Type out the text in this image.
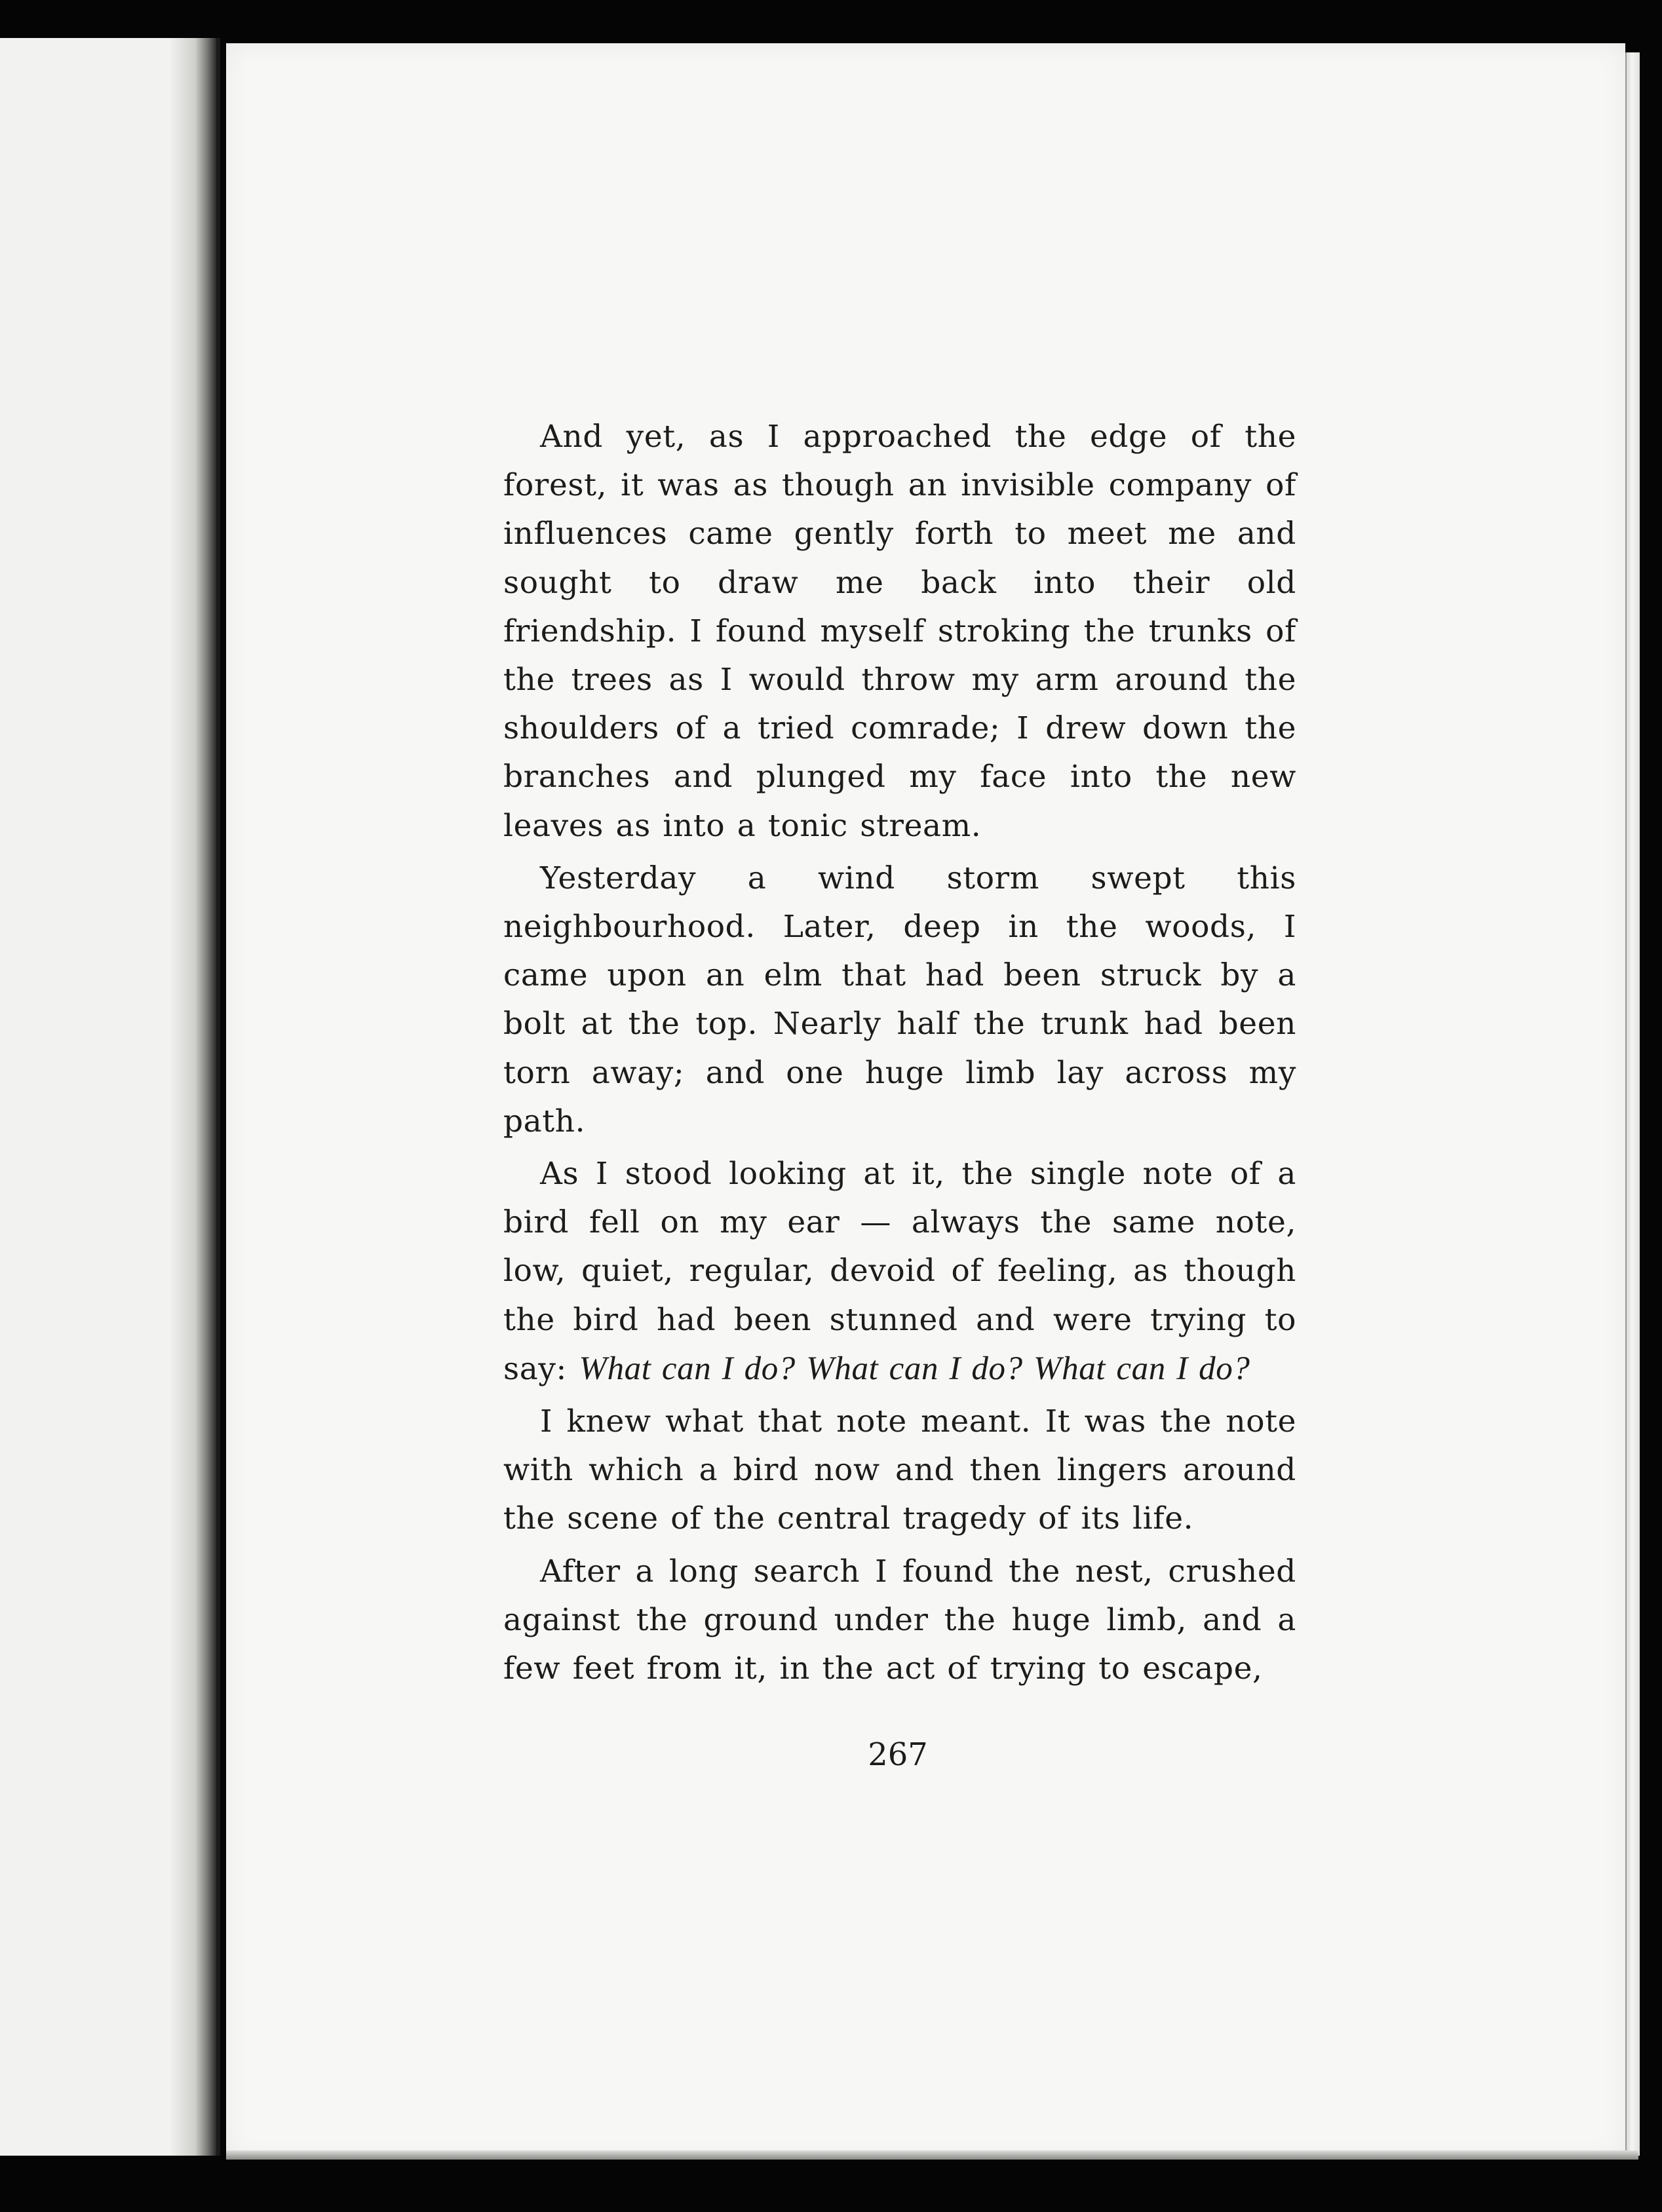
And yet, as I approached the edge of the forest, it was as though an invisible company of influences came gently forth to meet me and sought to draw me back into their old friendship. I found myself stroking the trunks of the trees as I would throw my arm around the shoulders of a tried comrade; I drew down the branches and plunged my face into the new leaves as into a tonic stream.

Yesterday a wind storm swept this neighbourhood. Later, deep in the woods, I came upon an elm that had been struck by a bolt at the top. Nearly half the trunk had been torn away; and one huge limb lay across my path.

As I stood looking at it, the single note of a bird fell on my ear — always the same note, low, quiet, regular, devoid of feeling, as though the bird had been stunned and were trying to say: What can I do? What can I do? What can I do?

I knew what that note meant. It was the note with which a bird now and then lingers around the scene of the central tragedy of its life.

After a long search I found the nest, crushed against the ground under the huge limb, and a few feet from it, in the act of trying to escape,

267
